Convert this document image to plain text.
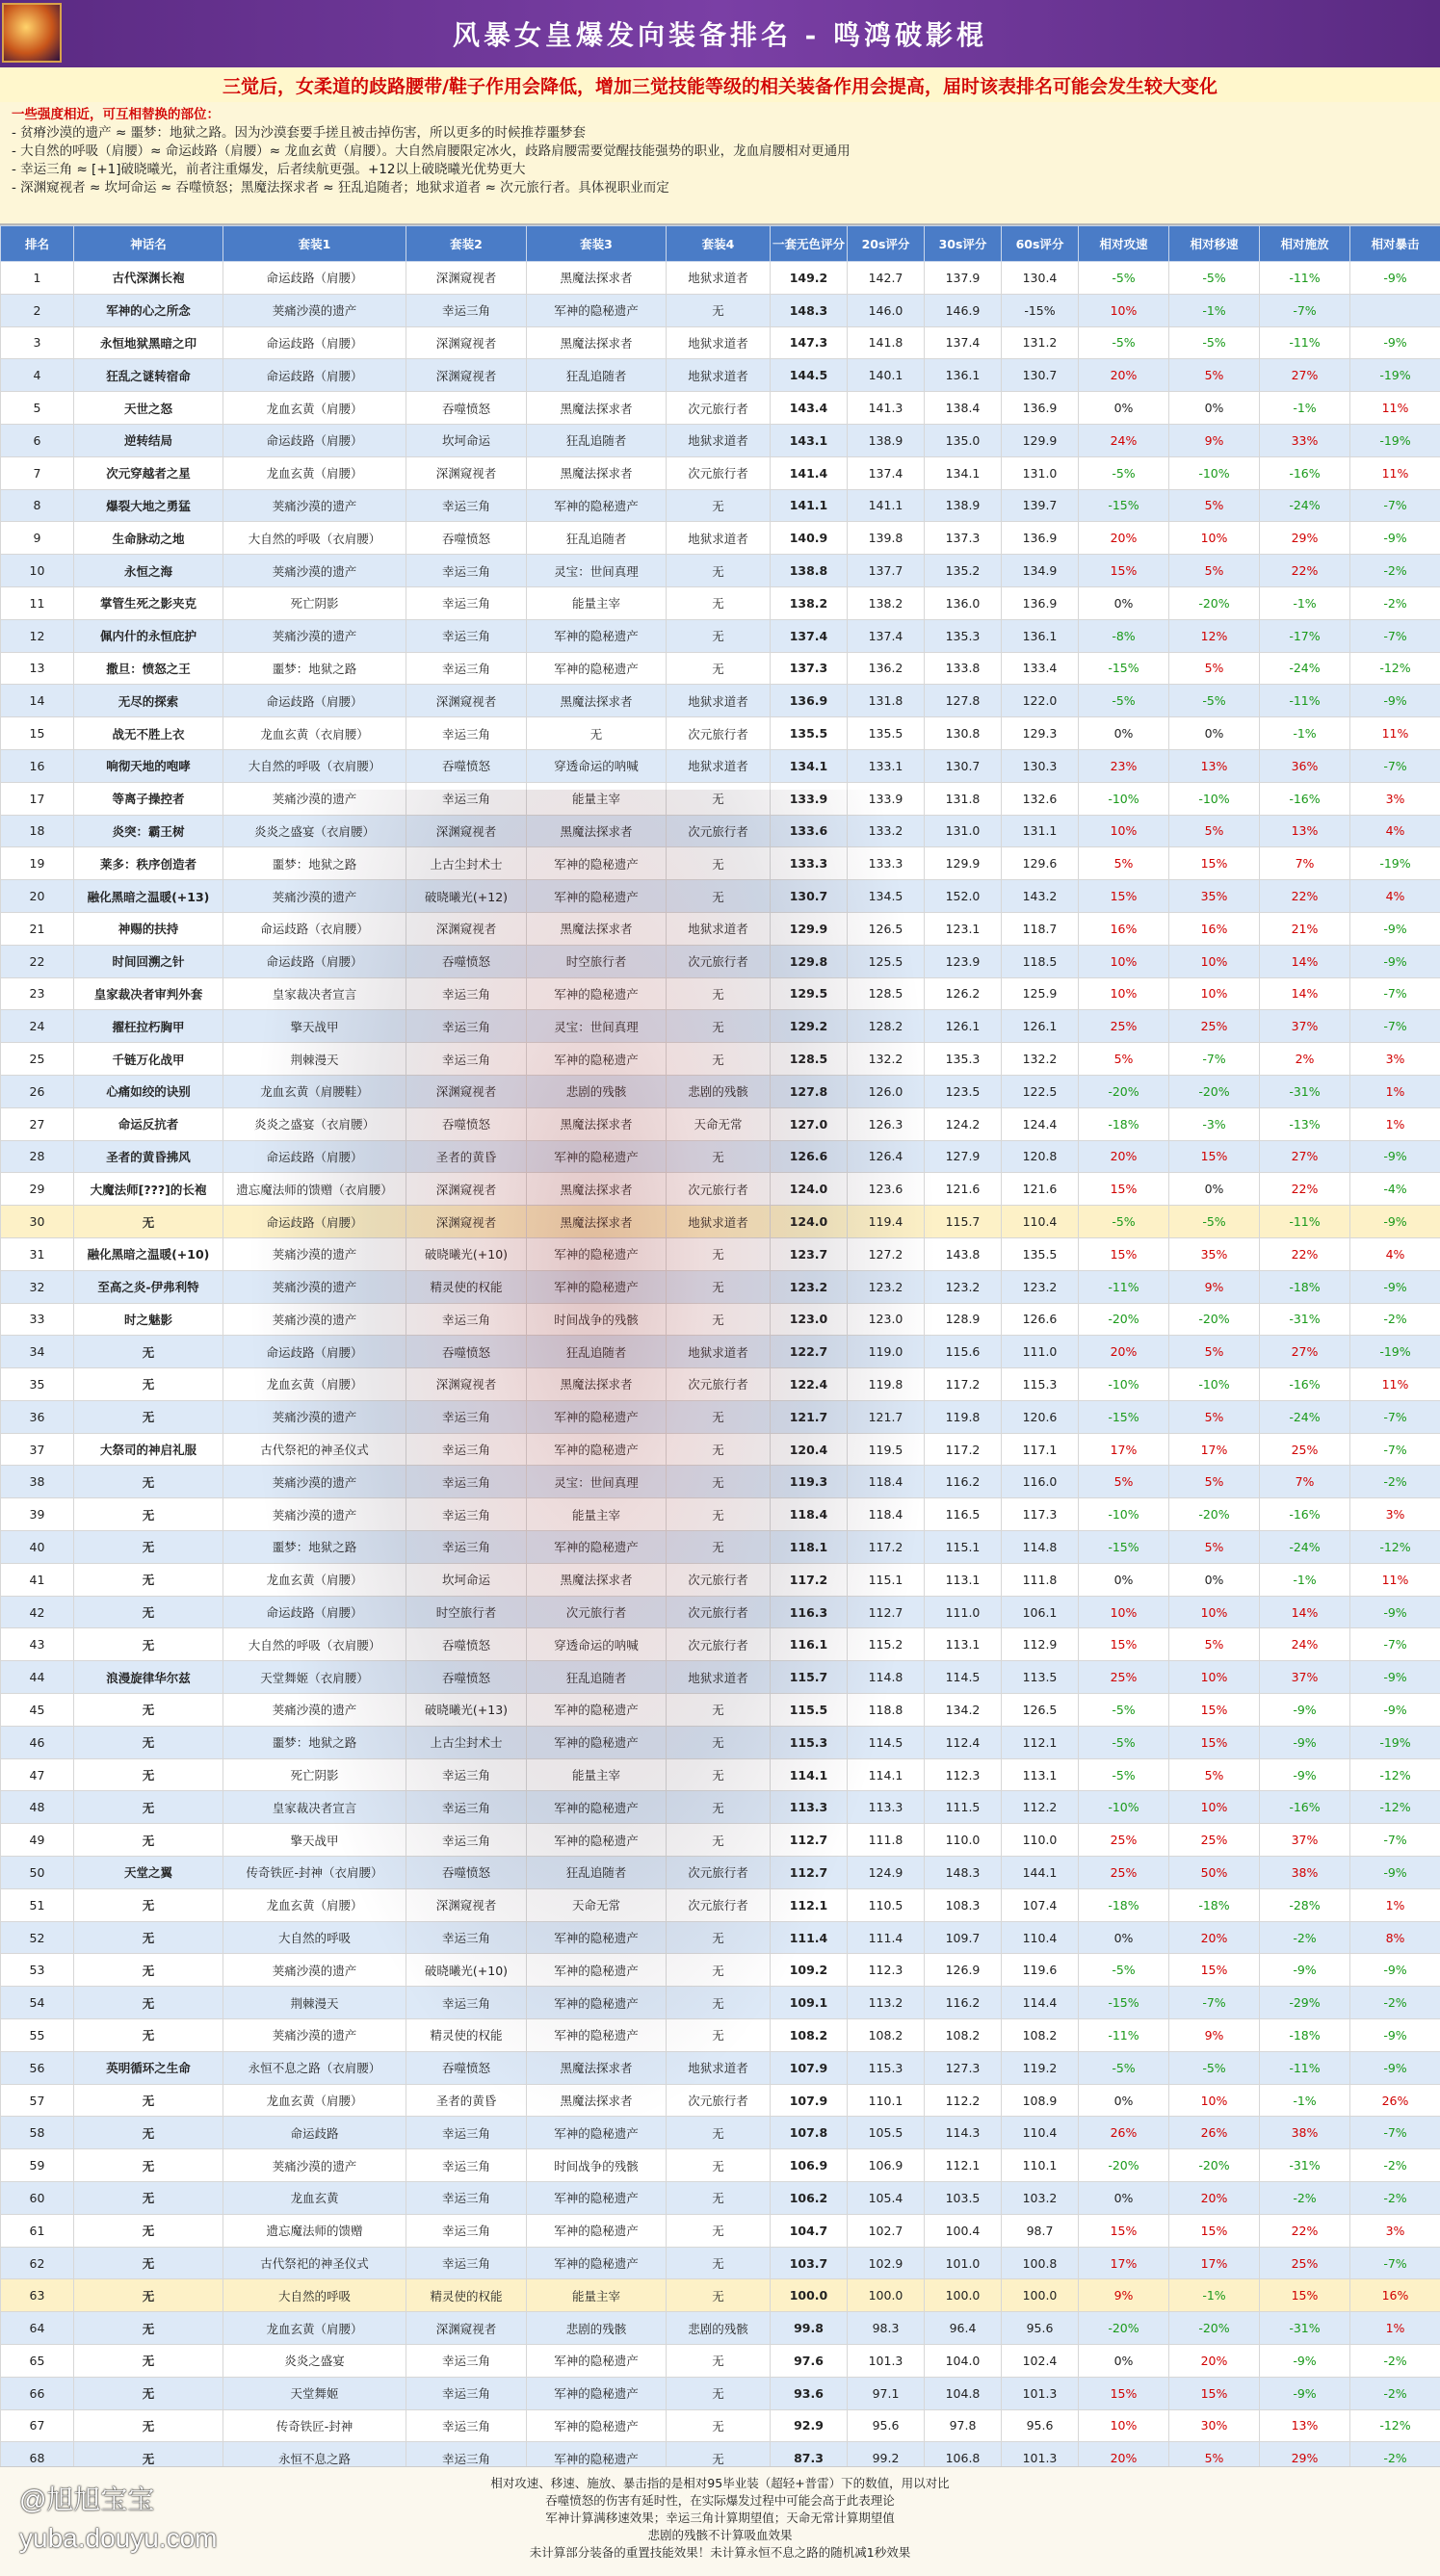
风暴女皇爆发向装备排名 - 鸣鸿破影棍
三觉后，女柔道的歧路腰带/鞋子作用会降低，增加三觉技能等级的相关装备作用会提高，届时该表排名可能会发生较大变化
一些强度相近，可互相替换的部位：
- 贫瘠沙漠的遗产 ≈ 噩梦：地狱之路。因为沙漠套要手搓且被击掉伤害，所以更多的时候推荐噩梦套
- 大自然的呼吸（肩腰）≈ 命运歧路（肩腰）≈ 龙血玄黄（肩腰）。大自然肩腰限定冰火，歧路肩腰需要觉醒技能强势的职业，龙血肩腰相对更通用
- 幸运三角 ≈ [+1]破晓曦光，前者注重爆发，后者续航更强。+12以上破晓曦光优势更大
- 深渊窥视者 ≈ 坎坷命运 ≈ 吞噬愤怒；黑魔法探求者 ≈ 狂乱追随者；地狱求道者 ≈ 次元旅行者。具体视职业而定
排名	神话名	套装1	套装2	套装3	套装4	一套无色评分	20s评分	30s评分	60s评分	相对攻速	相对移速	相对施放	相对暴击
1	古代深渊长袍	命运歧路（肩腰）	深渊窥视者	黑魔法探求者	地狱求道者	149.2	142.7	137.9	130.4	-5%	-5%	-11%	-9%
2	军神的心之所念	荚痛沙漠的遗产	幸运三角	军神的隐秘遗产	无	148.3	146.0	146.9	-15%	10%	-1%	-7%	
3	永恒地狱黑暗之印	命运歧路（肩腰）	深渊窥视者	黑魔法探求者	地狱求道者	147.3	141.8	137.4	131.2	-5%	-5%	-11%	-9%
4	狂乱之谜转宿命	命运歧路（肩腰）	深渊窥视者	狂乱追随者	地狱求道者	144.5	140.1	136.1	130.7	20%	5%	27%	-19%
5	天世之怒	龙血玄黄（肩腰）	吞噬愤怒	黑魔法探求者	次元旅行者	143.4	141.3	138.4	136.9	0%	0%	-1%	11%
6	逆转结局	命运歧路（肩腰）	坎坷命运	狂乱追随者	地狱求道者	143.1	138.9	135.0	129.9	24%	9%	33%	-19%
7	次元穿越者之星	龙血玄黄（肩腰）	深渊窥视者	黑魔法探求者	次元旅行者	141.4	137.4	134.1	131.0	-5%	-10%	-16%	11%
8	爆裂大地之勇猛	荚痛沙漠的遗产	幸运三角	军神的隐秘遗产	无	141.1	141.1	138.9	139.7	-15%	5%	-24%	-7%
9	生命脉动之地	大自然的呼吸（衣肩腰）	吞噬愤怒	狂乱追随者	地狱求道者	140.9	139.8	137.3	136.9	20%	10%	29%	-9%
10	永恒之海	荚痛沙漠的遗产	幸运三角	灵宝：世间真理	无	138.8	137.7	135.2	134.9	15%	5%	22%	-2%
11	掌管生死之影夹克	死亡阴影	幸运三角	能量主宰	无	138.2	138.2	136.0	136.9	0%	-20%	-1%	-2%
12	佩内什的永恒庇护	荚痛沙漠的遗产	幸运三角	军神的隐秘遗产	无	137.4	137.4	135.3	136.1	-8%	12%	-17%	-7%
13	撒旦：愤怒之王	噩梦：地狱之路	幸运三角	军神的隐秘遗产	无	137.3	136.2	133.8	133.4	-15%	5%	-24%	-12%
14	无尽的探索	命运歧路（肩腰）	深渊窥视者	黑魔法探求者	地狱求道者	136.9	131.8	127.8	122.0	-5%	-5%	-11%	-9%
15	战无不胜上衣	龙血玄黄（衣肩腰）	幸运三角	无	次元旅行者	135.5	135.5	130.8	129.3	0%	0%	-1%	11%
16	响彻天地的咆哮	大自然的呼吸（衣肩腰）	吞噬愤怒	穿透命运的呐喊	地狱求道者	134.1	133.1	130.7	130.3	23%	13%	36%	-7%
17	等离子操控者	荚痛沙漠的遗产	幸运三角	能量主宰	无	133.9	133.9	131.8	132.6	-10%	-10%	-16%	3%
18	炎突：霸王树	炎炎之盛宴（衣肩腰）	深渊窥视者	黑魔法探求者	次元旅行者	133.6	133.2	131.0	131.1	10%	5%	13%	4%
19	莱多：秩序创造者	噩梦：地狱之路	上古尘封术士	军神的隐秘遗产	无	133.3	133.3	129.9	129.6	5%	15%	7%	-19%
20	融化黑暗之温暖(+13)	荚痛沙漠的遗产	破晓曦光(+12)	军神的隐秘遗产	无	130.7	134.5	152.0	143.2	15%	35%	22%	4%
21	神赐的扶持	命运歧路（衣肩腰）	深渊窥视者	黑魔法探求者	地狱求道者	129.9	126.5	123.1	118.7	16%	16%	21%	-9%
22	时间回溯之针	命运歧路（肩腰）	吞噬愤怒	时空旅行者	次元旅行者	129.8	125.5	123.9	118.5	10%	10%	14%	-9%
23	皇家裁决者审判外套	皇家裁决者宣言	幸运三角	军神的隐秘遗产	无	129.5	128.5	126.2	125.9	10%	10%	14%	-7%
24	擢枉拉朽胸甲	擎天战甲	幸运三角	灵宝：世间真理	无	129.2	128.2	126.1	126.1	25%	25%	37%	-7%
25	千链万化战甲	荆棘漫天	幸运三角	军神的隐秘遗产	无	128.5	132.2	135.3	132.2	5%	-7%	2%	3%
26	心痛如绞的诀别	龙血玄黄（肩腰鞋）	深渊窥视者	悲剧的残骸	悲剧的残骸	127.8	126.0	123.5	122.5	-20%	-20%	-31%	1%
27	命运反抗者	炎炎之盛宴（衣肩腰）	吞噬愤怒	黑魔法探求者	天命无常	127.0	126.3	124.2	124.4	-18%	-3%	-13%	1%
28	圣者的黄昏拂风	命运歧路（肩腰）	圣者的黄昏	军神的隐秘遗产	无	126.6	126.4	127.9	120.8	20%	15%	27%	-9%
29	大魔法师[???]的长袍	遗忘魔法师的馈赠（衣肩腰）	深渊窥视者	黑魔法探求者	次元旅行者	124.0	123.6	121.6	121.6	15%	0%	22%	-4%
30	无	命运歧路（肩腰）	深渊窥视者	黑魔法探求者	地狱求道者	124.0	119.4	115.7	110.4	-5%	-5%	-11%	-9%
31	融化黑暗之温暖(+10)	荚痛沙漠的遗产	破晓曦光(+10)	军神的隐秘遗产	无	123.7	127.2	143.8	135.5	15%	35%	22%	4%
32	至高之炎-伊弗利特	荚痛沙漠的遗产	精灵使的权能	军神的隐秘遗产	无	123.2	123.2	123.2	123.2	-11%	9%	-18%	-9%
33	时之魅影	荚痛沙漠的遗产	幸运三角	时间战争的残骸	无	123.0	123.0	128.9	126.6	-20%	-20%	-31%	-2%
34	无	命运歧路（肩腰）	吞噬愤怒	狂乱追随者	地狱求道者	122.7	119.0	115.6	111.0	20%	5%	27%	-19%
35	无	龙血玄黄（肩腰）	深渊窥视者	黑魔法探求者	次元旅行者	122.4	119.8	117.2	115.3	-10%	-10%	-16%	11%
36	无	荚痛沙漠的遗产	幸运三角	军神的隐秘遗产	无	121.7	121.7	119.8	120.6	-15%	5%	-24%	-7%
37	大祭司的神启礼服	古代祭祀的神圣仪式	幸运三角	军神的隐秘遗产	无	120.4	119.5	117.2	117.1	17%	17%	25%	-7%
38	无	荚痛沙漠的遗产	幸运三角	灵宝：世间真理	无	119.3	118.4	116.2	116.0	5%	5%	7%	-2%
39	无	荚痛沙漠的遗产	幸运三角	能量主宰	无	118.4	118.4	116.5	117.3	-10%	-20%	-16%	3%
40	无	噩梦：地狱之路	幸运三角	军神的隐秘遗产	无	118.1	117.2	115.1	114.8	-15%	5%	-24%	-12%
41	无	龙血玄黄（肩腰）	坎坷命运	黑魔法探求者	次元旅行者	117.2	115.1	113.1	111.8	0%	0%	-1%	11%
42	无	命运歧路（肩腰）	时空旅行者	次元旅行者	次元旅行者	116.3	112.7	111.0	106.1	10%	10%	14%	-9%
43	无	大自然的呼吸（衣肩腰）	吞噬愤怒	穿透命运的呐喊	次元旅行者	116.1	115.2	113.1	112.9	15%	5%	24%	-7%
44	浪漫旋律华尔兹	天堂舞姬（衣肩腰）	吞噬愤怒	狂乱追随者	地狱求道者	115.7	114.8	114.5	113.5	25%	10%	37%	-9%
45	无	荚痛沙漠的遗产	破晓曦光(+13)	军神的隐秘遗产	无	115.5	118.8	134.2	126.5	-5%	15%	-9%	-9%
46	无	噩梦：地狱之路	上古尘封术士	军神的隐秘遗产	无	115.3	114.5	112.4	112.1	-5%	15%	-9%	-19%
47	无	死亡阴影	幸运三角	能量主宰	无	114.1	114.1	112.3	113.1	-5%	5%	-9%	-12%
48	无	皇家裁决者宣言	幸运三角	军神的隐秘遗产	无	113.3	113.3	111.5	112.2	-10%	10%	-16%	-12%
49	无	擎天战甲	幸运三角	军神的隐秘遗产	无	112.7	111.8	110.0	110.0	25%	25%	37%	-7%
50	天堂之翼	传奇铁匠-封神（衣肩腰）	吞噬愤怒	狂乱追随者	次元旅行者	112.7	124.9	148.3	144.1	25%	50%	38%	-9%
51	无	龙血玄黄（肩腰）	深渊窥视者	天命无常	次元旅行者	112.1	110.5	108.3	107.4	-18%	-18%	-28%	1%
52	无	大自然的呼吸	幸运三角	军神的隐秘遗产	无	111.4	111.4	109.7	110.4	0%	20%	-2%	8%
53	无	荚痛沙漠的遗产	破晓曦光(+10)	军神的隐秘遗产	无	109.2	112.3	126.9	119.6	-5%	15%	-9%	-9%
54	无	荆棘漫天	幸运三角	军神的隐秘遗产	无	109.1	113.2	116.2	114.4	-15%	-7%	-29%	-2%
55	无	荚痛沙漠的遗产	精灵使的权能	军神的隐秘遗产	无	108.2	108.2	108.2	108.2	-11%	9%	-18%	-9%
56	英明循环之生命	永恒不息之路（衣肩腰）	吞噬愤怒	黑魔法探求者	地狱求道者	107.9	115.3	127.3	119.2	-5%	-5%	-11%	-9%
57	无	龙血玄黄（肩腰）	圣者的黄昏	黑魔法探求者	次元旅行者	107.9	110.1	112.2	108.9	0%	10%	-1%	26%
58	无	命运歧路	幸运三角	军神的隐秘遗产	无	107.8	105.5	114.3	110.4	26%	26%	38%	-7%
59	无	荚痛沙漠的遗产	幸运三角	时间战争的残骸	无	106.9	106.9	112.1	110.1	-20%	-20%	-31%	-2%
60	无	龙血玄黄	幸运三角	军神的隐秘遗产	无	106.2	105.4	103.5	103.2	0%	20%	-2%	-2%
61	无	遗忘魔法师的馈赠	幸运三角	军神的隐秘遗产	无	104.7	102.7	100.4	98.7	15%	15%	22%	3%
62	无	古代祭祀的神圣仪式	幸运三角	军神的隐秘遗产	无	103.7	102.9	101.0	100.8	17%	17%	25%	-7%
63	无	大自然的呼吸	精灵使的权能	能量主宰	无	100.0	100.0	100.0	100.0	9%	-1%	15%	16%
64	无	龙血玄黄（肩腰）	深渊窥视者	悲剧的残骸	悲剧的残骸	99.8	98.3	96.4	95.6	-20%	-20%	-31%	1%
65	无	炎炎之盛宴	幸运三角	军神的隐秘遗产	无	97.6	101.3	104.0	102.4	0%	20%	-9%	-2%
66	无	天堂舞姬	幸运三角	军神的隐秘遗产	无	93.6	97.1	104.8	101.3	15%	15%	-9%	-2%
67	无	传奇铁匠-封神	幸运三角	军神的隐秘遗产	无	92.9	95.6	97.8	95.6	10%	30%	13%	-12%
68	无	永恒不息之路	幸运三角	军神的隐秘遗产	无	87.3	99.2	106.8	101.3	20%	5%	29%	-2%
相对攻速、移速、施放、暴击指的是相对95毕业装（超轻+普雷）下的数值，用以对比
吞噬愤怒的伤害有延时性，在实际爆发过程中可能会高于此表理论
军神计算满移速效果；幸运三角计算期望值；天命无常计算期望值
悲剧的残骸不计算吸血效果
未计算部分装备的重置技能效果！未计算永恒不息之路的随机减1秒效果
@旭旭宝宝
yuba.douyu.com
